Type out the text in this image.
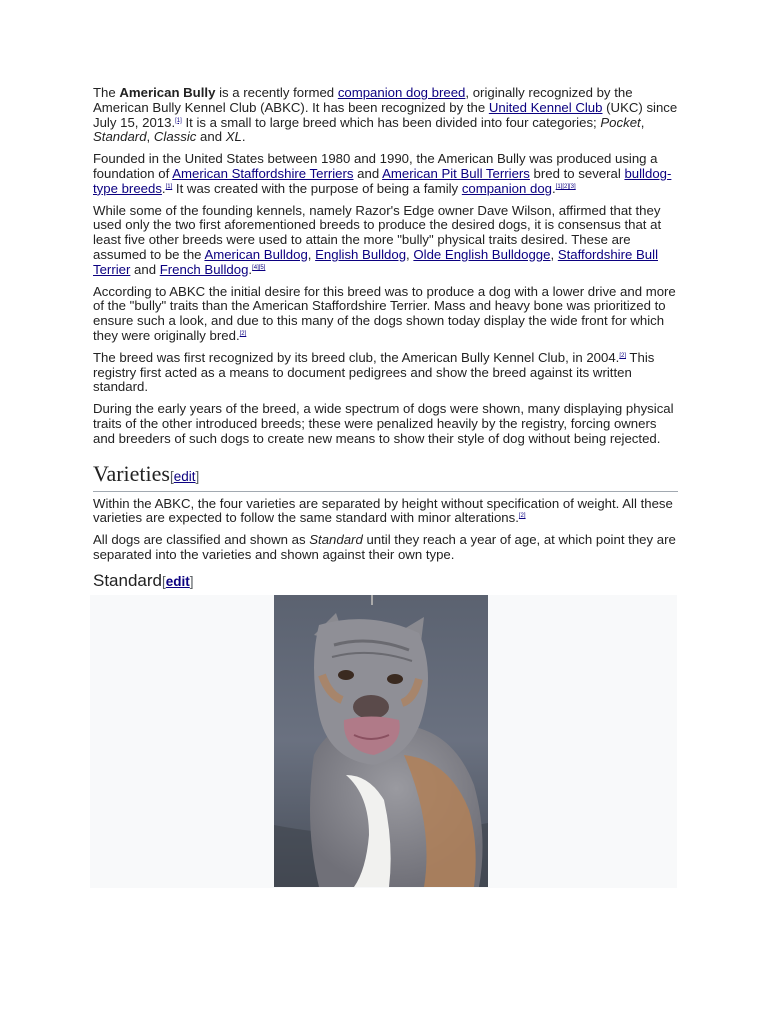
The American Bully is a recently formed companion dog breed, originally recognized by the American Bully Kennel Club (ABKC). It has been recognized by the United Kennel Club (UKC) since July 15, 2013.[1] It is a small to large breed which has been divided into four categories; Pocket, Standard, Classic and XL.

Founded in the United States between 1980 and 1990, the American Bully was produced using a foundation of American Staffordshire Terriers and American Pit Bull Terriers bred to several bulldog-type breeds.[1] It was created with the purpose of being a family companion dog.[1][2][3]

While some of the founding kennels, namely Razor's Edge owner Dave Wilson, affirmed that they used only the two first aforementioned breeds to produce the desired dogs, it is consensus that at least five other breeds were used to attain the more "bully" physical traits desired. These are assumed to be the American Bulldog, English Bulldog, Olde English Bulldogge, Staffordshire Bull Terrier and French Bulldog.[4][5]

According to ABKC the initial desire for this breed was to produce a dog with a lower drive and more of the "bully" traits than the American Staffordshire Terrier. Mass and heavy bone was prioritized to ensure such a look, and due to this many of the dogs shown today display the wide front for which they were originally bred.[2]

The breed was first recognized by its breed club, the American Bully Kennel Club, in 2004.[2] This registry first acted as a means to document pedigrees and show the breed against its written standard.

During the early years of the breed, a wide spectrum of dogs were shown, many displaying physical traits of the other introduced breeds; these were penalized heavily by the registry, forcing owners and breeders of such dogs to create new means to show their style of dog without being rejected.

Varieties[edit]

Within the ABKC, the four varieties are separated by height without specification of weight. All these varieties are expected to follow the same standard with minor alterations.[2]

All dogs are classified and shown as Standard until they reach a year of age, at which point they are separated into the varieties and shown against their own type.

Standard[edit]
